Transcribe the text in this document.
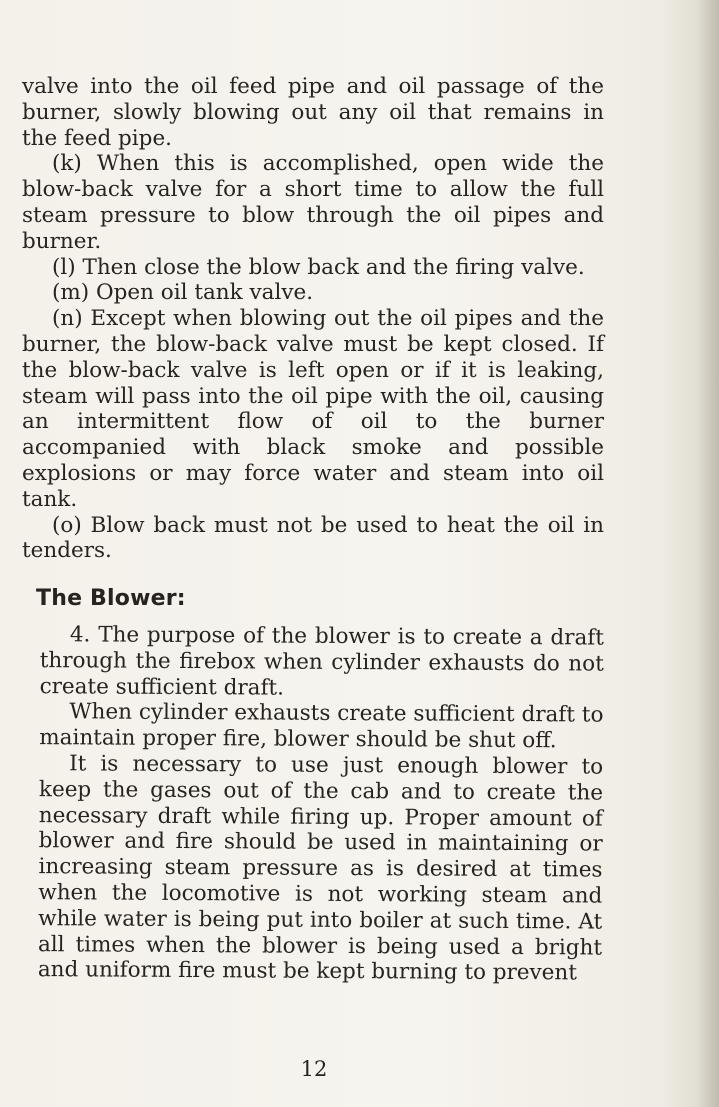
valve into the oil feed pipe and oil passage of the burner, slowly blowing out any oil that remains in the feed pipe.

(k) When this is accomplished, open wide the blow-back valve for a short time to allow the full steam pressure to blow through the oil pipes and burner.

(l) Then close the blow back and the firing valve.

(m) Open oil tank valve.

(n) Except when blowing out the oil pipes and the burner, the blow-back valve must be kept closed. If the blow-back valve is left open or if it is leaking, steam will pass into the oil pipe with the oil, causing an intermittent flow of oil to the burner accompanied with black smoke and possible explosions or may force water and steam into oil tank.

(o) Blow back must not be used to heat the oil in tenders.

The Blower:

4. The purpose of the blower is to create a draft through the firebox when cylinder exhausts do not create sufficient draft.

When cylinder exhausts create sufficient draft to maintain proper fire, blower should be shut off.

It is necessary to use just enough blower to keep the gases out of the cab and to create the necessary draft while firing up. Proper amount of blower and fire should be used in maintaining or increasing steam pressure as is desired at times when the locomotive is not working steam and while water is being put into boiler at such time. At all times when the blower is being used a bright and uniform fire must be kept burning to prevent

12
